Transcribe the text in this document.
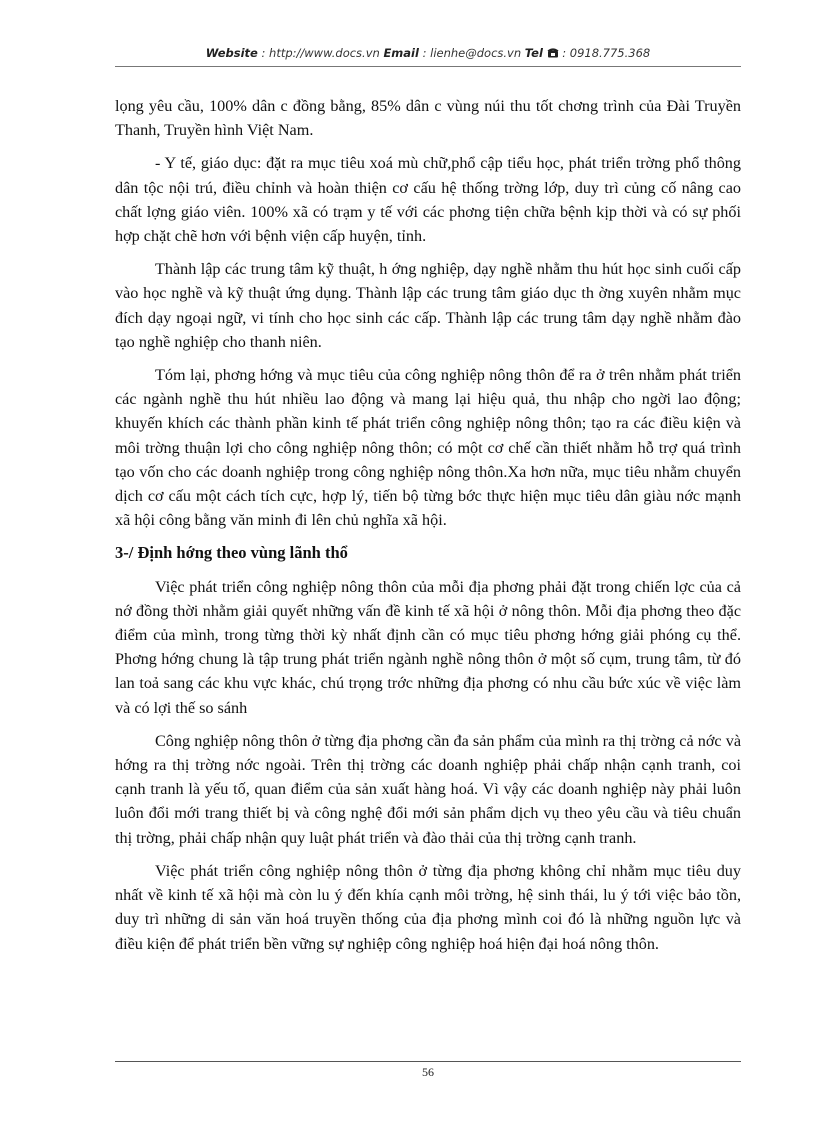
Website : http://www.docs.vn Email : lienhe@docs.vn Tel  : 0918.775.368

lọng yêu cầu, 100% dân c đồng bằng, 85% dân c vùng núi thu tốt chơng trình của Đài Truyền Thanh, Truyền hình Việt Nam.

- Y tế, giáo dục: đặt ra mục tiêu xoá mù chữ,phổ cập tiểu học, phát triển trờng phổ thông dân tộc nội trú, điều chỉnh và hoàn thiện cơ cấu hệ thống trờng lớp, duy trì củng cố nâng cao chất lợng giáo viên. 100% xã có trạm y tế với các phơng tiện chữa bệnh kịp thời và có sự phối hợp chặt chẽ hơn với bệnh viện cấp huyện, tỉnh.

Thành lập các trung tâm kỹ thuật, h ớng nghiệp, dạy nghề nhằm thu hút học sinh cuối cấp vào học nghề và kỹ thuật ứng dụng. Thành lập các trung tâm giáo dục th ờng xuyên nhằm mục đích dạy ngoại ngữ, vi tính cho học sinh các cấp. Thành lập các trung tâm dạy nghề nhằm đào tạo nghề nghiệp cho thanh niên.

Tóm lại, phơng hớng và mục tiêu của công nghiệp nông thôn để ra ở trên nhằm phát triển các ngành nghề thu hút nhiều lao động và mang lại hiệu quả, thu nhập cho ngời lao động; khuyến khích các thành phần kinh tế phát triển công nghiệp nông thôn; tạo ra các điều kiện và môi trờng thuận lợi cho công nghiệp nông thôn; có một cơ chế cần thiết nhằm hỗ trợ quá trình tạo vốn cho các doanh nghiệp trong công nghiệp nông thôn.Xa hơn nữa, mục tiêu nhằm chuyển dịch cơ cấu một cách tích cực, hợp lý, tiến bộ từng bớc thực hiện mục tiêu dân giàu nớc mạnh xã hội công bằng văn minh đi lên chủ nghĩa xã hội.

3-/ Định hớng theo vùng lãnh thổ

Việc phát triển công nghiệp nông thôn của mỗi địa phơng phải đặt trong chiến lợc của cả nớ đồng thời nhằm giải quyết những vấn đề kinh tế xã hội ở nông thôn. Mỗi địa phơng theo đặc điểm của mình, trong từng thời kỳ nhất định cần có mục tiêu phơng hớng giải phóng cụ thể. Phơng hớng chung là tập trung phát triển ngành nghề nông thôn ở một số cụm, trung tâm, từ đó lan toả sang các khu vực khác, chú trọng trớc những địa phơng có nhu cầu bức xúc về việc làm và có lợi thế so sánh

Công nghiệp nông thôn ở từng địa phơng cần đa sản phẩm của mình ra thị trờng cả nớc và hớng ra thị trờng nớc ngoài. Trên thị trờng các doanh nghiệp phải chấp nhận cạnh tranh, coi cạnh tranh là yếu tố, quan điểm của sản xuất hàng hoá. Vì vậy các doanh nghiệp này phải luôn luôn đổi mới trang thiết bị và công nghệ đổi mới sản phẩm dịch vụ theo yêu cầu và tiêu chuẩn thị trờng, phải chấp nhận quy luật phát triển và đào thải của thị trờng cạnh tranh.

Việc phát triển công nghiệp nông thôn ở từng địa phơng không chỉ nhằm mục tiêu duy nhất về kinh tế xã hội mà còn lu ý đến khía cạnh môi trờng, hệ sinh thái, lu ý tới việc bảo tồn, duy trì những di sản văn hoá truyền thống của địa phơng mình coi đó là những nguồn lực và điều kiện để phát triển bền vững sự nghiệp công nghiệp hoá hiện đại hoá nông thôn.

56
